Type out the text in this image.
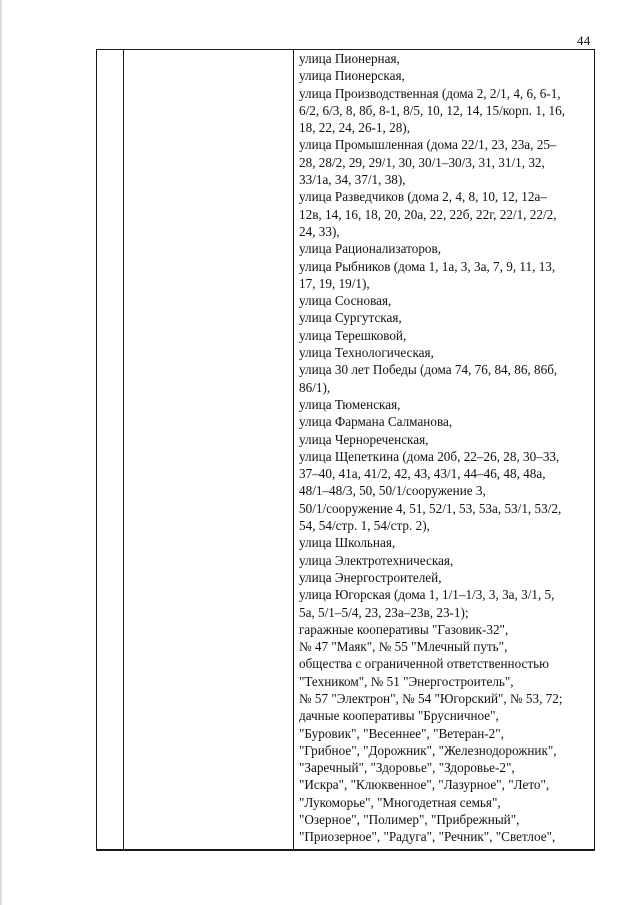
44
улица Пионерная,
улица Пионерская,
улица Производственная (дома 2, 2/1, 4, 6, 6-1,
6/2, 6/3, 8, 8б, 8-1, 8/5, 10, 12, 14, 15/корп. 1, 16,
18, 22, 24, 26-1, 28),
улица Промышленная (дома 22/1, 23, 23а, 25–
28, 28/2, 29, 29/1, 30, 30/1–30/3, 31, 31/1, 32,
33/1а, 34, 37/1, 38),
улица Разведчиков (дома 2, 4, 8, 10, 12, 12а–
12в, 14, 16, 18, 20, 20а, 22, 22б, 22г, 22/1, 22/2,
24, 33),
улица Рационализаторов,
улица Рыбников (дома 1, 1а, 3, 3а, 7, 9, 11, 13,
17, 19, 19/1),
улица Сосновая,
улица Сургутская,
улица Терешковой,
улица Технологическая,
улица 30 лет Победы (дома 74, 76, 84, 86, 86б,
86/1),
улица Тюменская,
улица Фармана Салманова,
улица Чернореченская,
улица Щепеткина (дома 20б, 22–26, 28, 30–33,
37–40, 41а, 41/2, 42, 43, 43/1, 44–46, 48, 48а,
48/1–48/3, 50, 50/1/сооружение 3,
50/1/сооружение 4, 51, 52/1, 53, 53а, 53/1, 53/2,
54, 54/стр. 1, 54/стр. 2),
улица Школьная,
улица Электротехническая,
улица Энергостроителей,
улица Югорская (дома 1, 1/1–1/3, 3, 3а, 3/1, 5,
5а, 5/1–5/4, 23, 23а–23в, 23-1);
гаражные кооперативы "Газовик-32",
№ 47 "Маяк", № 55 "Млечный путь",
общества с ограниченной ответственностью
"Техником", № 51 "Энергостроитель",
№ 57 "Электрон", № 54 "Югорский", № 53, 72;
дачные кооперативы "Брусничное",
"Буровик", "Весеннее", "Ветеран-2",
"Грибное", "Дорожник", "Железнодорожник",
"Заречный", "Здоровье", "Здоровье-2",
"Искра", "Клюквенное", "Лазурное", "Лето",
"Лукоморье", "Многодетная семья",
"Озерное", "Полимер", "Прибрежный",
"Приозерное", "Радуга", "Речник", "Светлое",
